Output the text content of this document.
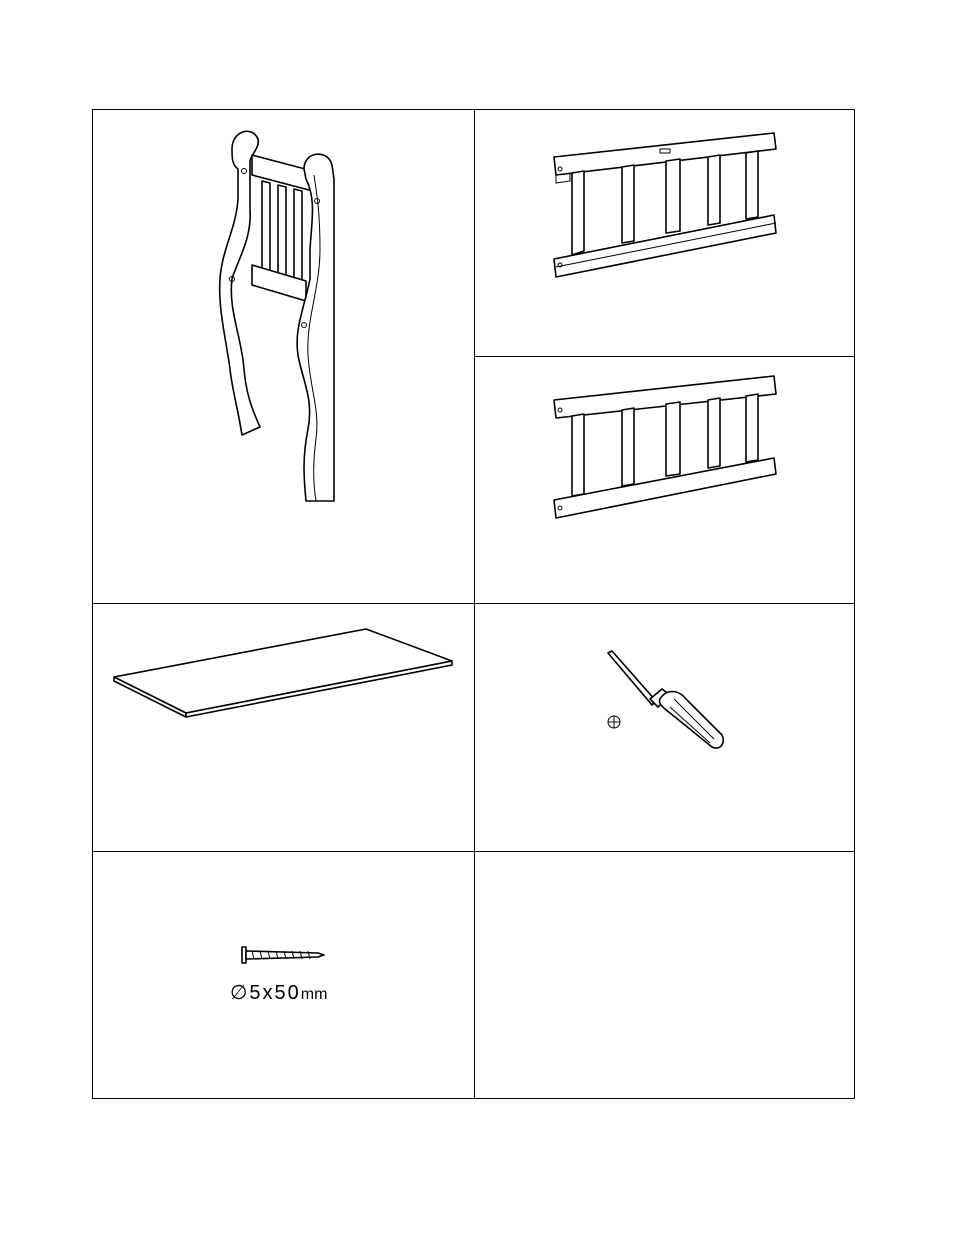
∅5x50mm
